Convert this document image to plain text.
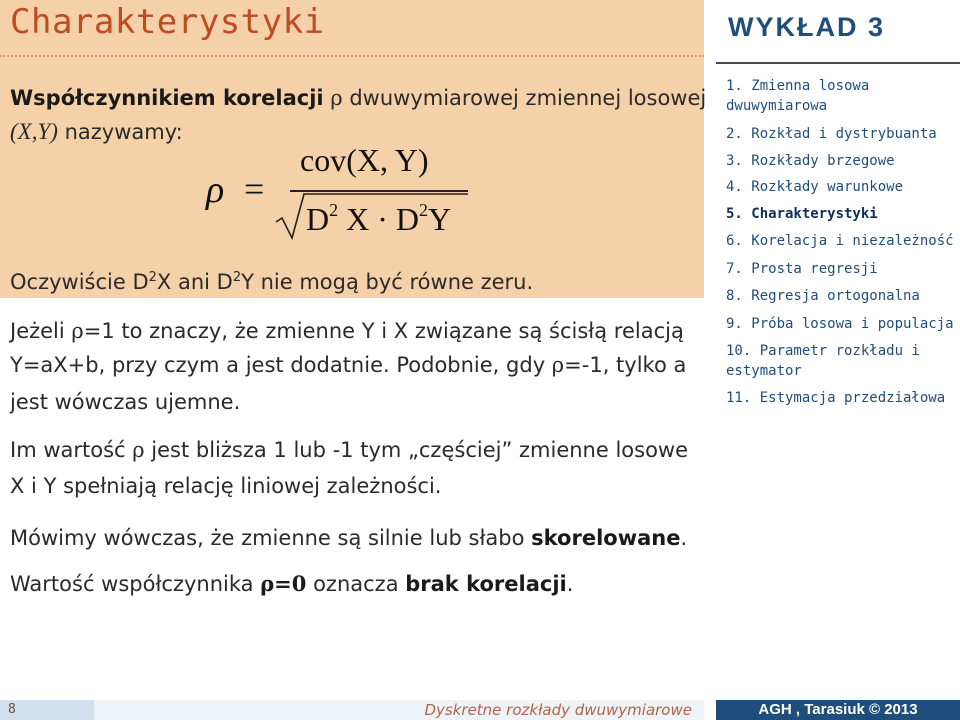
Charakterystyki

Współczynnikiem korelacji ρ dwuwymiarowej zmiennej losowej

(X,Y) nazywamy:

ρ =
cov(X, Y)
$D^2$ $X \cdot D^2Y$

Oczywiście $D^2X$ ani $D^2Y$ nie mogą być równe zeru.

Jeżeli ρ=1 to znaczy, że zmienne Y i X związane są ścisłą relacją

Y=aX+b, przy czym a jest dodatnie. Podobnie, gdy ρ=-1, tylko a

jest wówczas ujemne.

Im wartość ρ jest bliższa 1 lub -1 tym „częściej” zmienne losowe

X i Y spełniają relację liniowej zależności.

Mówimy wówczas, że zmienne są silnie lub słabo skorelowane.

Wartość współczynnika ρ=0 oznacza brak korelacji.

WYKŁAD 3
1. Zmienna losowa dwuwymiarowa
2. Rozkład i dystrybuanta
3. Rozkłady brzegowe
4. Rozkłady warunkowe
5. Charakterystyki
6. Korelacja i niezależność
7. Prosta regresji
8. Regresja ortogonalna
9. Próba losowa i populacja
10. Parametr rozkładu i estymator
11. Estymacja przedziałowa
8	Dyskretne rozkłady dwuwymiarowe	AGH , Tarasiuk © 2013
